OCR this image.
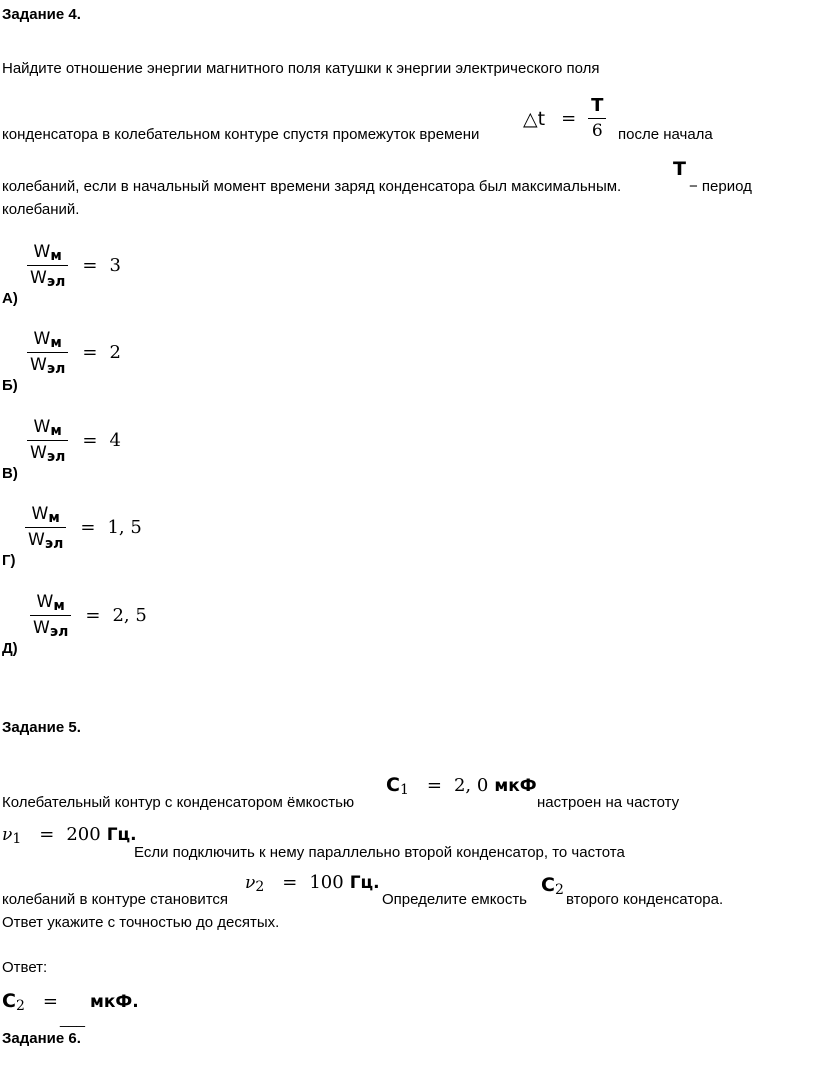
Задание 4.
Найдите отношение энергии магнитного поля катушки к энергии электрического поля
конденсатора в колебательном контуре спустя промежуток времени
△t = $\frac{T}{6}$ после начала
колебаний, если в начальный момент времени заряд конденсатора был максимальным.
T
− период
колебаний.
$\frac{Wм}{\text{Wэл}} = 3$
А)
$\frac{Wм}{\text{Wэл}} = 2$
Б)
$\frac{Wм}{\text{Wэл}} = 4$
В)
$\frac{Wм}{\text{Wэл}} = 1$, 5
Г)
$\frac{Wм}{\text{Wэл}} = 2$, 5
Д)
Задание 5.
Колебательный контур с конденсатором ёмкостью
C 1 = 2, 0 мкФ
настроен на частоту
ν 1 = 200 Гц.
Если подключить к нему параллельно второй конденсатор, то частота
колебаний в контуре становится
ν 2 = 100 Гц.
Определите емкость
C 2
второго конденсатора.
Ответ укажите с точностью до десятых.
Ответ:
C 2 = мкФ.
___
Задание 6.
